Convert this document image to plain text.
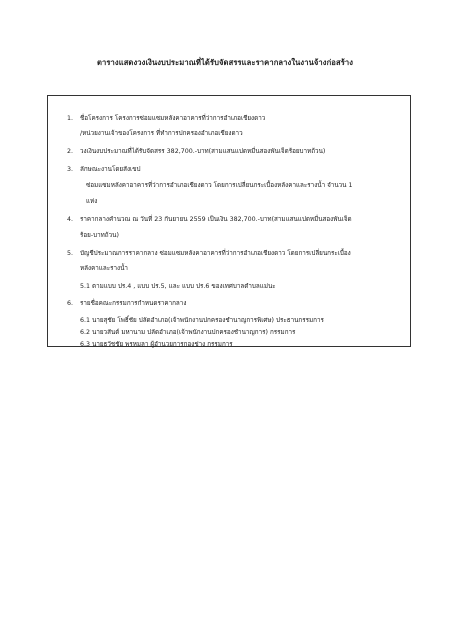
ตารางแสดงวงเงินงบประมาณที่ได้รับจัดสรรและราคากลางในงานจ้างก่อสร้าง
1. ชื่อโครงการ โครงการซ่อมแซมหลังคาอาคารที่ว่าการอำเภอเชียงดาว
/หน่วยงานเจ้าของโครงการ ที่ทำการปกครองอำเภอเชียงดาว
2. วงเงินงบประมาณที่ได้รับจัดสรร 382,700.-บาท(สามแสนแปดหมื่นสองพันเจ็ดร้อยบาทถ้วน)
3. ลักษณะงานโดยสังเขป
ซ่อมแซมหลังคาอาคารที่ว่าการอำเภอเชียงดาว โดยการเปลี่ยนกระเบื้องหลังคาและรางน้ำ จำนวน 1
แห่ง
4. ราคากลางคำนวณ ณ วันที่ 23 กันยายน 2559 เป็นเงิน 382,700.-บาท(สามแสนแปดหมื่นสองพันเจ็ด
ร้อย-บาทถ้วน)
5. บัญชีประมาณการราคากลาง ซ่อมแซมหลังคาอาคารที่ว่าการอำเภอเชียงดาว โดยการเปลี่ยนกระเบื้อง
หลังคาและรางน้ำ
5.1 ตามแบบ ปร.4 , แบบ ปร.5, และ แบบ ปร.6 ของเทศบาลตำบลแม่นะ
6. รายชื่อคณะกรรมการกำหนดราคากลาง
6.1 นายสุชัย โพธิ์ชัย ปลัดอำเภอ(เจ้าพนักงานปกครองชำนาญการพิเศษ) ประธานกรรมการ
6.2 นายวสันต์ มหานาม ปลัดอำเภอ(เจ้าพนักงานปกครองชำนาญการ) กรรมการ
6.3 นายธวัชชัย พรหมลา ผู้อำนวยการกองช่าง กรรมการ
